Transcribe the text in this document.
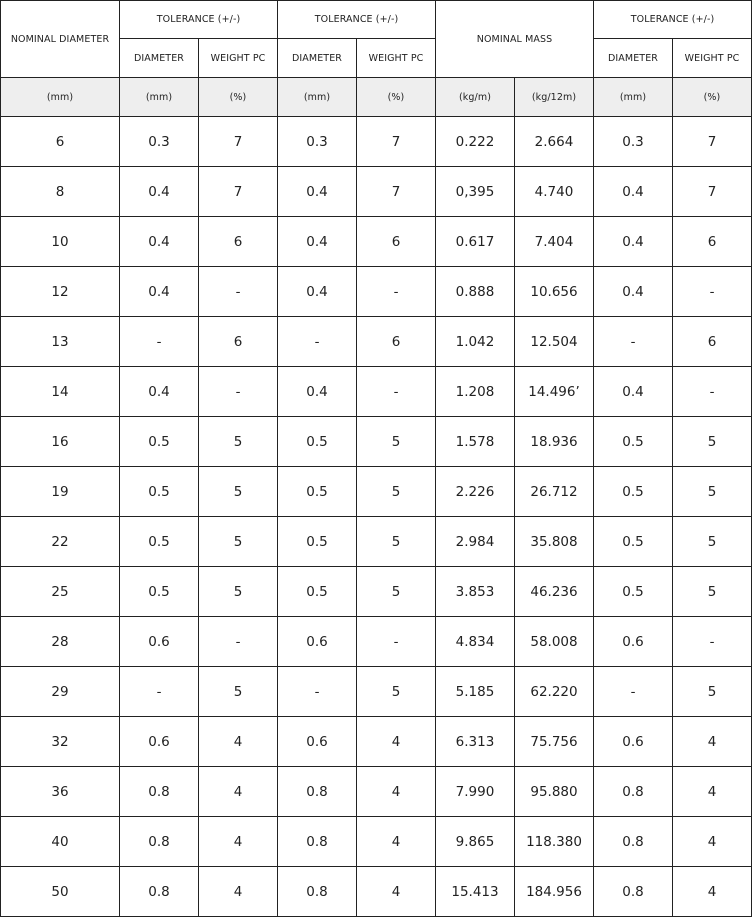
NOMINAL DIAMETER	TOLERANCE (+/-)		TOLERANCE (+/-)		NOMINAL MASS		TOLERANCE (+/-)	
	DIAMETER	WEIGHT PC	DIAMETER	WEIGHT PC			DIAMETER	WEIGHT PC
(mm)	(mm)	(%)	(mm)	(%)	(kg/m)	(kg/12m)	(mm)	(%)
6	0.3	7	0.3	7	0.222	2.664	0.3	7
8	0.4	7	0.4	7	0,395	4.740	0.4	7
10	0.4	6	0.4	6	0.617	7.404	0.4	6
12	0.4	-	0.4	-	0.888	10.656	0.4	-
13	-	6	-	6	1.042	12.504	-	6
14	0.4	-	0.4	-	1.208	14.496’	0.4	-
16	0.5	5	0.5	5	1.578	18.936	0.5	5
19	0.5	5	0.5	5	2.226	26.712	0.5	5
22	0.5	5	0.5	5	2.984	35.808	0.5	5
25	0.5	5	0.5	5	3.853	46.236	0.5	5
28	0.6	-	0.6	-	4.834	58.008	0.6	-
29	-	5	-	5	5.185	62.220	-	5
32	0.6	4	0.6	4	6.313	75.756	0.6	4
36	0.8	4	0.8	4	7.990	95.880	0.8	4
40	0.8	4	0.8	4	9.865	118.380	0.8	4
50	0.8	4	0.8	4	15.413	184.956	0.8	4
